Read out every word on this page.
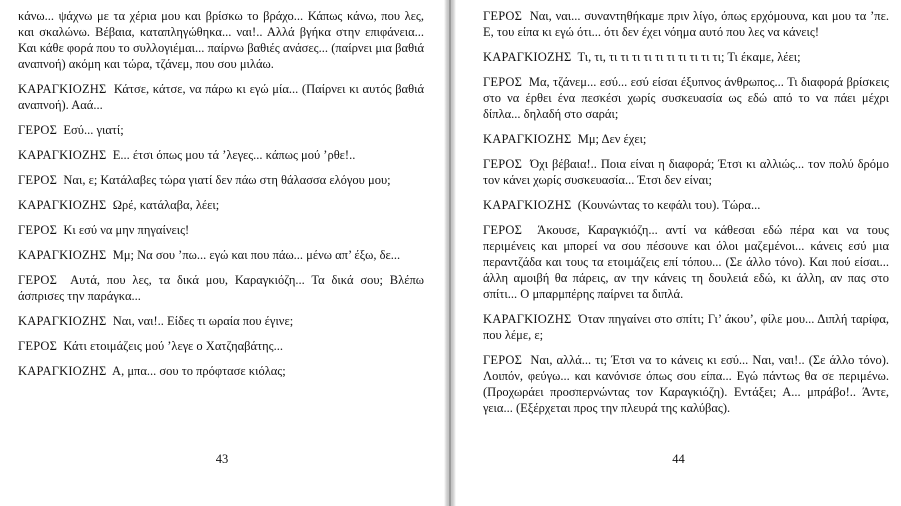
κάνω... ψάχνω με τα χέρια μου και βρίσκω το βράχο... Κάπως κάνω, που λες, και σκαλώνω. Βέβαια, καταπληγώθηκα... ναι!.. Αλλά βγήκα στην επιφάνεια... Και κάθε φορά που το συλλογιέμαι... παίρνω βαθιές ανάσες... (παίρνει μια βαθιά αναπνοή) ακόμη και τώρα, τζάνεμ, που σου μιλάω.

ΚΑΡΑΓΚΙΟΖΗΣ Κάτσε, κάτσε, να πάρω κι εγώ μία... (Παίρνει κι αυτός βαθιά αναπνοή). Ααά...

ΓΕΡΟΣ Εσύ... γιατί;

ΚΑΡΑΓΚΙΟΖΗΣ Ε... έτσι όπως μου τά ’λεγες... κάπως μού ’ρθε!..

ΓΕΡΟΣ Ναι, ε; Κατάλαβες τώρα γιατί δεν πάω στη θάλασσα ελόγου μου;

ΚΑΡΑΓΚΙΟΖΗΣ Ωρέ, κατάλαβα, λέει;

ΓΕΡΟΣ Κι εσύ να μην πηγαίνεις!

ΚΑΡΑΓΚΙΟΖΗΣ Μμ; Να σου ’πω... εγώ και που πάω... μένω απ’ έξω, δε...

ΓΕΡΟΣ Αυτά, που λες, τα δικά μου, Καραγκιόζη... Τα δικά σου; Βλέπω άσπρισες την παράγκα...

ΚΑΡΑΓΚΙΟΖΗΣ Ναι, ναι!.. Είδες τι ωραία που έγινε;

ΓΕΡΟΣ Κάτι ετοιμάζεις μού ’λεγε ο Χατζηαβάτης...

ΚΑΡΑΓΚΙΟΖΗΣ Α, μπα... σου το πρόφτασε κιόλας;

43

ΓΕΡΟΣ Ναι, ναι... συναντηθήκαμε πριν λίγο, όπως ερχόμουνα, και μου τα ’πε. Ε, του είπα κι εγώ ότι... ότι δεν έχει νόημα αυτό που λες να κάνεις!

ΚΑΡΑΓΚΙΟΖΗΣ Τι, τι, τι τι τι τι τι τι τι τι τι τι; Τι έκαμε, λέει;

ΓΕΡΟΣ Μα, τζάνεμ... εσύ... εσύ είσαι έξυπνος άνθρωπος... Τι διαφορά βρίσκεις στο να έρθει ένα πεσκέσι χωρίς συσκευασία ως εδώ από το να πάει μέχρι δίπλα... δηλαδή στο σαράι;

ΚΑΡΑΓΚΙΟΖΗΣ Μμ; Δεν έχει;

ΓΕΡΟΣ Όχι βέβαια!.. Ποια είναι η διαφορά; Έτσι κι αλλιώς... τον πολύ δρόμο τον κάνει χωρίς συσκευασία... Έτσι δεν είναι;

ΚΑΡΑΓΚΙΟΖΗΣ (Κουνώντας το κεφάλι του). Τώρα...

ΓΕΡΟΣ Άκουσε, Καραγκιόζη... αντί να κάθεσαι εδώ πέρα και να τους περιμένεις και μπορεί να σου πέσουνε και όλοι μαζεμένοι... κάνεις εσύ μια περαντζάδα και τους τα ετοιμάζεις επί τόπου... (Σε άλλο τόνο). Και πού είσαι... άλλη αμοιβή θα πάρεις, αν την κάνεις τη δουλειά εδώ, κι άλλη, αν πας στο σπίτι... Ο μπαρμπέρης παίρνει τα διπλά.

ΚΑΡΑΓΚΙΟΖΗΣ Όταν πηγαίνει στο σπίτι; Γι’ άκου’, φίλε μου... Διπλή ταρίφα, που λέμε, ε;

ΓΕΡΟΣ Ναι, αλλά... τι; Έτσι να το κάνεις κι εσύ... Ναι, ναι!.. (Σε άλλο τόνο). Λοιπόν, φεύγω... και κανόνισε όπως σου είπα... Εγώ πάντως θα σε περιμένω. (Προχωράει προσπερνώντας τον Καραγκιόζη). Εντάξει; Α... μπράβο!.. Άντε, γεια... (Εξέρχεται προς την πλευρά της καλύβας).

44
